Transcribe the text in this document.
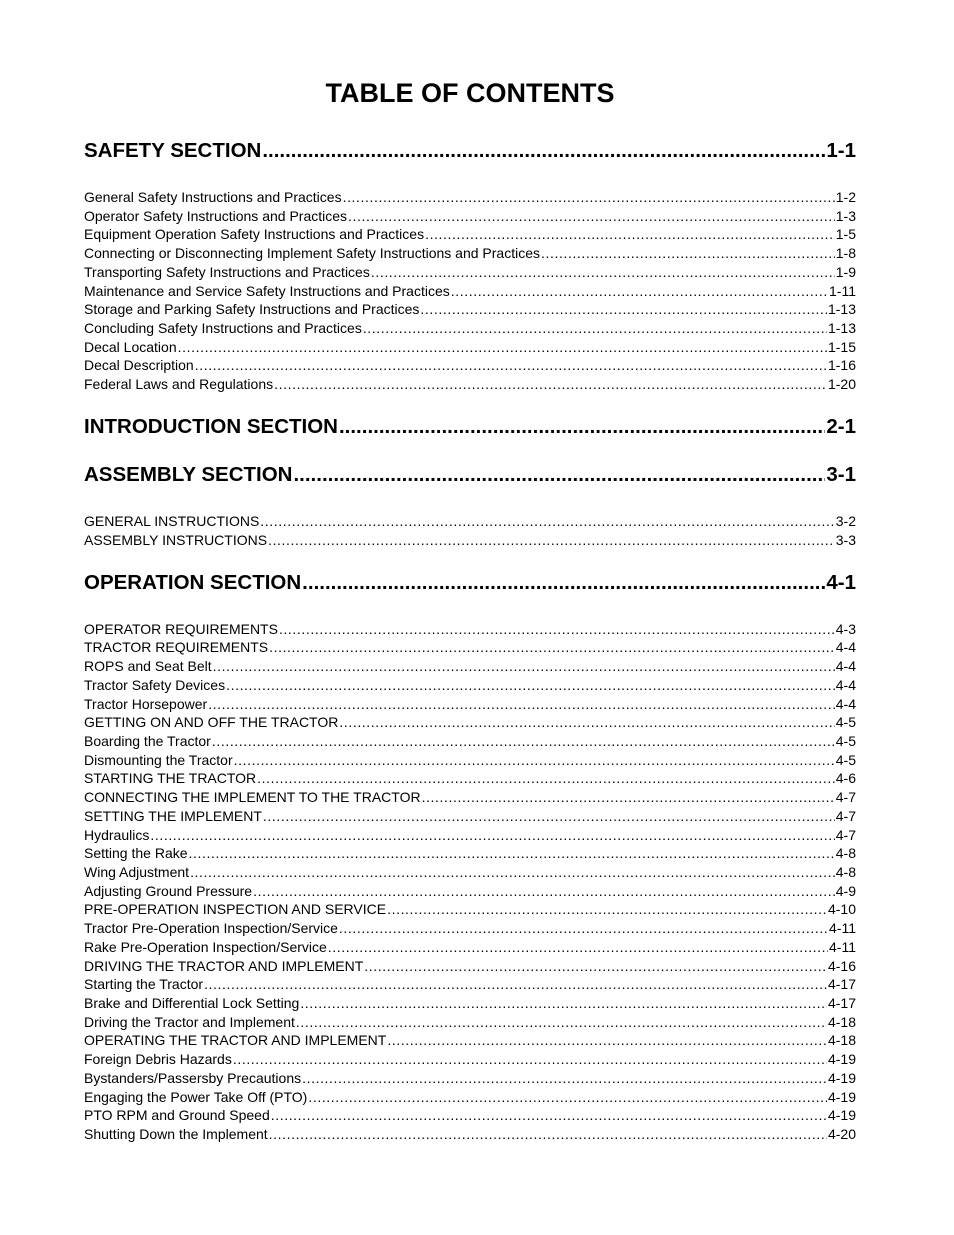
TABLE OF CONTENTS
SAFETY SECTION .....	1-1
General Safety Instructions and Practices .....	1-2
Operator Safety Instructions and Practices .....	1-3
Equipment Operation Safety Instructions and Practices .....	1-5
Connecting or Disconnecting Implement Safety Instructions and Practices .....	1-8
Transporting Safety Instructions and Practices .....	1-9
Maintenance and Service Safety Instructions and Practices .....	1-11
Storage and Parking Safety Instructions and Practices .....	1-13
Concluding Safety Instructions and Practices .....	1-13
Decal Location .....	1-15
Decal Description .....	1-16
Federal Laws and Regulations .....	1-20
INTRODUCTION SECTION .....	2-1
ASSEMBLY SECTION .....	3-1
GENERAL INSTRUCTIONS .....	3-2
ASSEMBLY INSTRUCTIONS .....	3-3
OPERATION SECTION .....	4-1
OPERATOR REQUIREMENTS .....	4-3
TRACTOR REQUIREMENTS .....	4-4
ROPS and Seat Belt .....	4-4
Tractor Safety Devices .....	4-4
Tractor Horsepower .....	4-4
GETTING ON AND OFF THE TRACTOR .....	4-5
Boarding the Tractor .....	4-5
Dismounting the Tractor .....	4-5
STARTING THE TRACTOR .....	4-6
CONNECTING THE IMPLEMENT TO THE TRACTOR .....	4-7
SETTING THE IMPLEMENT .....	4-7
Hydraulics .....	4-7
Setting the Rake .....	4-8
Wing Adjustment .....	4-8
Adjusting Ground Pressure .....	4-9
PRE-OPERATION INSPECTION AND SERVICE .....	4-10
Tractor Pre-Operation Inspection/Service .....	4-11
Rake Pre-Operation Inspection/Service .....	4-11
DRIVING THE TRACTOR AND IMPLEMENT .....	4-16
Starting the Tractor .....	4-17
Brake and Differential Lock Setting .....	4-17
Driving the Tractor and Implement .....	4-18
OPERATING THE TRACTOR AND IMPLEMENT .....	4-18
Foreign Debris Hazards .....	4-19
Bystanders/Passersby Precautions .....	4-19
Engaging the Power Take Off (PTO) .....	4-19
PTO RPM and Ground Speed .....	4-19
Shutting Down the Implement .....	4-20
